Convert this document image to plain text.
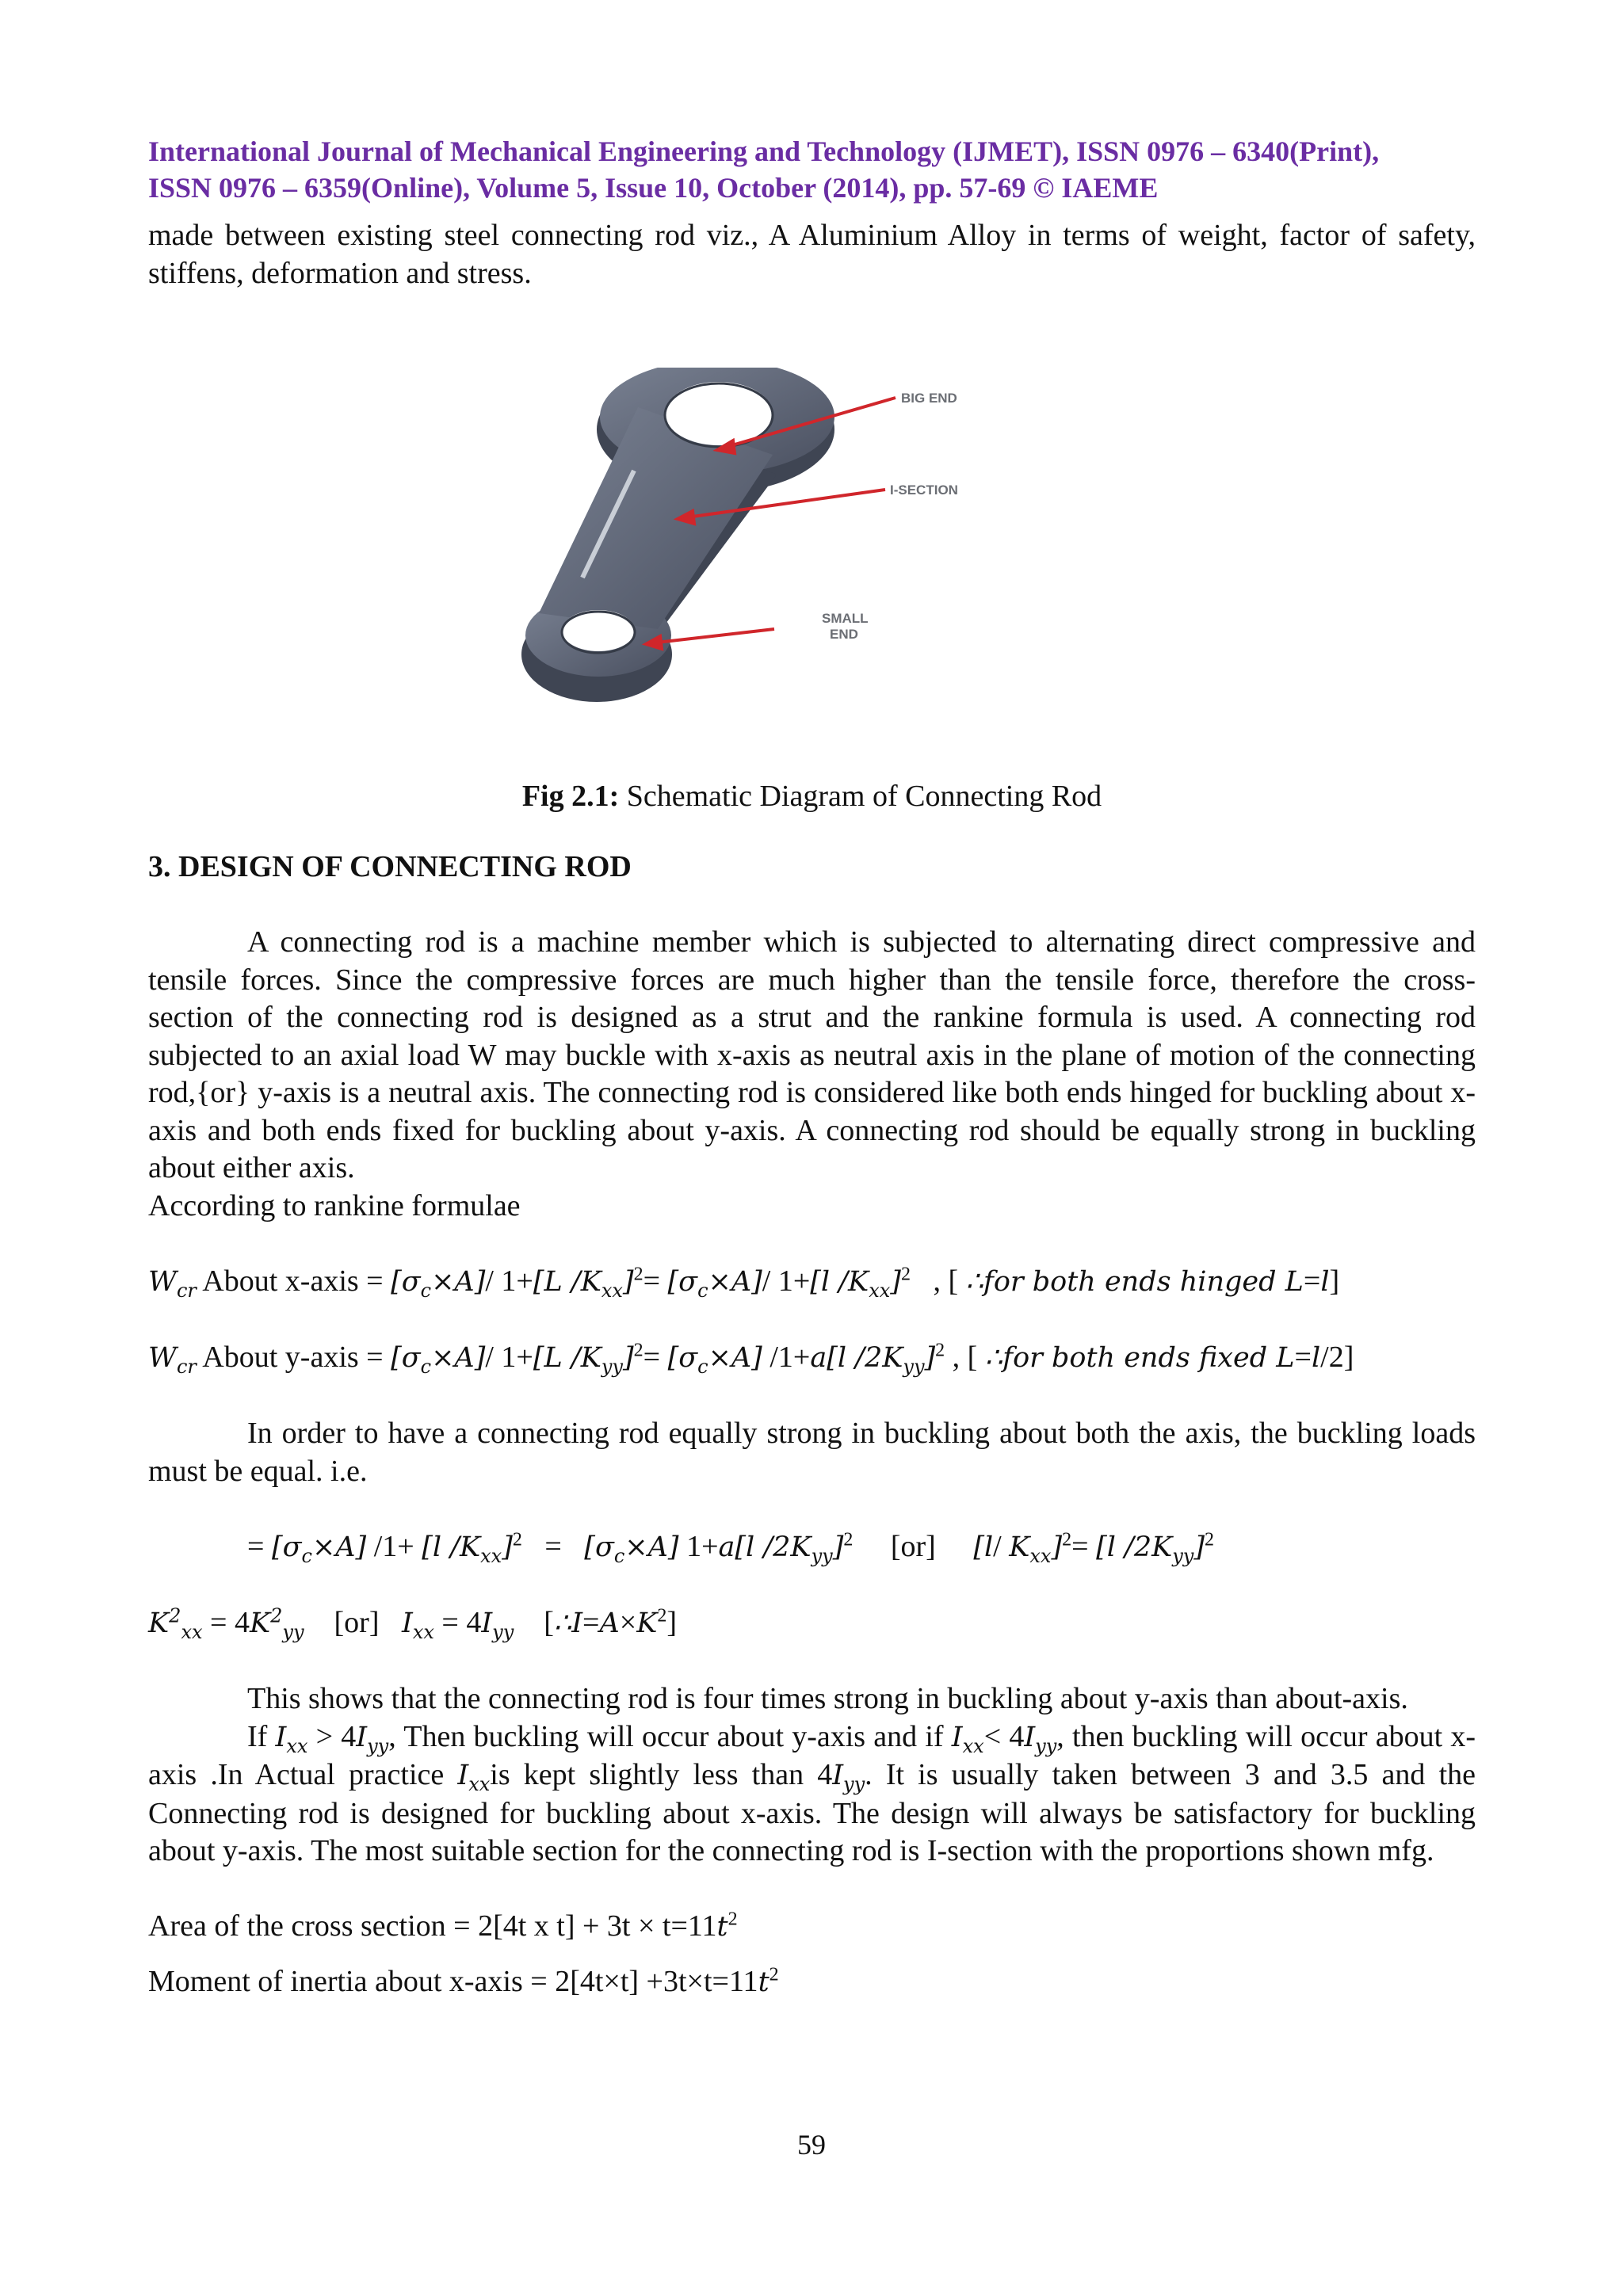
International Journal of Mechanical Engineering and Technology (IJMET), ISSN 0976 – 6340(Print),
ISSN 0976 – 6359(Online), Volume 5, Issue 10, October (2014), pp. 57-69 © IAEME

made between existing steel connecting rod viz., A Aluminium Alloy in terms of weight, factor of safety, stiffens, deformation and stress.

BIG END
I-SECTION
SMALL
END

Fig 2.1: Schematic Diagram of Connecting Rod

3. DESIGN OF CONNECTING ROD

A connecting rod is a machine member which is subjected to alternating direct compressive and tensile forces. Since the compressive forces are much higher than the tensile force, therefore the cross- section of the connecting rod is designed as a strut and the rankine formula is used. A connecting rod subjected to an axial load W may buckle with x-axis as neutral axis in the plane of motion of the connecting rod,{or} y-axis is a neutral axis. The connecting rod is considered like both ends hinged for buckling about x-axis and both ends fixed for buckling about y-axis. A connecting rod should be equally strong in buckling about either axis.

According to rankine formulae

$W_{cr}$ About x-axis = $[\sigma_c\times A]/$ 1+[L $/K_{xx}]^2= [\sigma_c\times A]/$ 1+[l $/K_{xx}]^2$   , [ ∴for both ends hinged L=l]

$W_{cr}$ About y-axis = $[\sigma_c\times A]/$ 1+[L $/K_{yy}]^2= [\sigma_c\times A]$ /1+a[l $/2K_{yy}]^2$ , [ ∴for both ends fixed L=l/2]

In order to have a connecting rod equally strong in buckling about both the axis, the buckling loads must be equal. i.e.

= $[\sigma_c\times A]$ /1+ [l $/K_{xx}]^2 = [\sigma_c\times A]$ 1+a[l $/2K_{yy}]^2$ [or] [l/ $K_{xx}]^2= [l$ $/2K_{yy}]^2$

$K^2_{xx} = 4K^2_{yy}$ [or] $I_{xx} = 4I_{yy}$    $[\therefore I=A\times K^2]$

This shows that the connecting rod is four times strong in buckling about y-axis than about-axis.

If $I_{xx} > 4I_{yy}$, Then buckling will occur about y-axis and if $I_{xx}< 4I_{yy}$, then buckling will occur about x-axis .In Actual practice $I_{xx}is$ kept slightly less than $4I_{yy}$. It is usually taken between 3 and 3.5 and the Connecting rod is designed for buckling about x-axis. The design will always be satisfactory for buckling about y-axis. The most suitable section for the connecting rod is I-section with the proportions shown mfg.

Area of the cross section = 2[4t x $t] + 3t \times t=11t^2$

Moment of inertia about x-axis = $2[4t\times t] +3t\times t=11t^2$

59
